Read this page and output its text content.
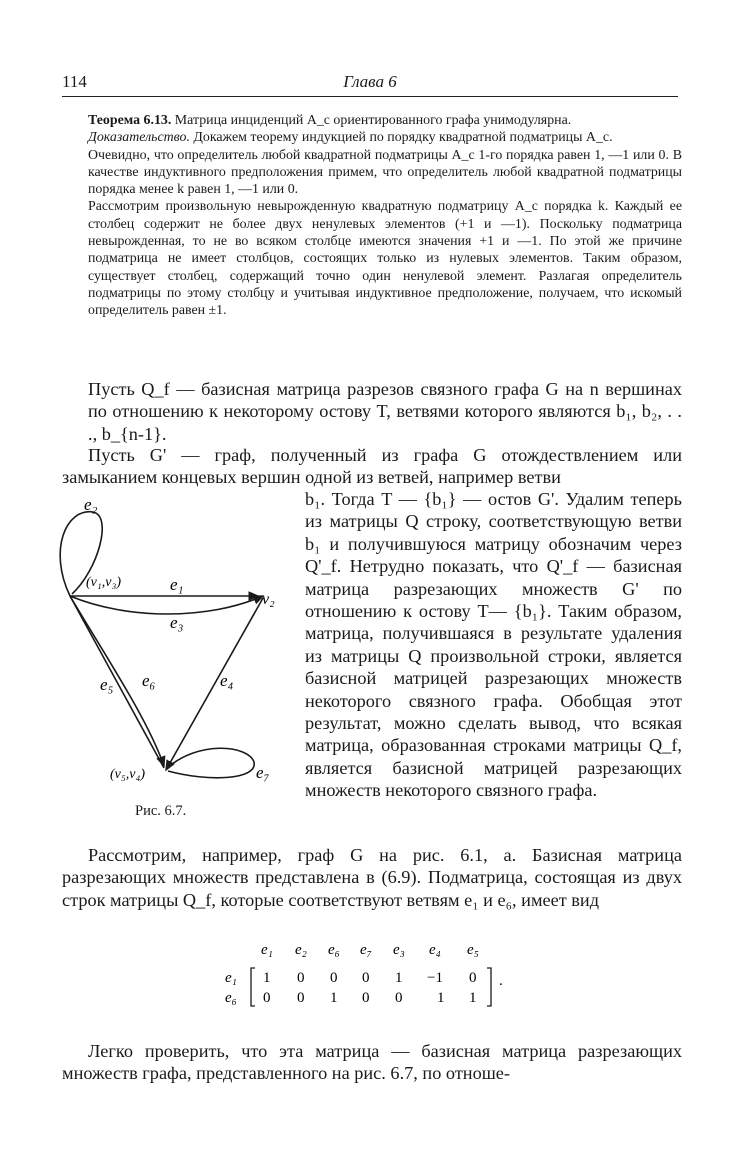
114	Глава 6

Теорема 6.13. Матрица инциденций A_c ориентированного графа унимодулярна.

Доказательство. Докажем теорему индукцией по порядку квадратной подматрицы A_c.

Очевидно, что определитель любой квадратной подматрицы A_c 1-го порядка равен 1, —1 или 0. В качестве индуктивного предположения примем, что определитель любой квадратной подматрицы порядка менее k равен 1, —1 или 0.

Рассмотрим произвольную невырожденную квадратную подматрицу A_c порядка k. Каждый ее столбец содержит не более двух ненулевых элементов (+1 и —1). Поскольку подматрица невырожденная, то не во всяком столбце имеются значения +1 и —1. По этой же причине подматрица не имеет столбцов, состоящих только из нулевых элементов. Таким образом, существует столбец, содержащий точно один ненулевой элемент. Разлагая определитель подматрицы по этому столбцу и учитывая индуктивное предположение, получаем, что искомый определитель равен ±1.

Пусть Q_f — базисная матрица разрезов связного графа G на n вершинах по отношению к некоторому остову T, ветвями которого являются b₁, b₂, . . ., b_{n-1}.
Пусть G' — граф, полученный из графа G отождествлением или замыканием концевых вершин одной из ветвей, например ветви
b₁. Тогда T — {b₁} — остов G'. Удалим теперь из матрицы Q строку, соответствующую ветви b₁ и получившуюся матрицу обозначим через Q'_f. Нетрудно показать, что Q'_f — базисная матрица разрезающих множеств G' по отношению к остову T— {b₁}. Таким образом, матрица, получившаяся в результате удаления из матрицы Q произвольной строки, является базисной матрицей разрезающих множеств некоторого связного графа. Обобщая этот результат, можно сделать вывод, что всякая матрица, образованная строками матрицы Q_f, является базисной матрицей разрезающих множеств некоторого связного графа.
e₂
e₁
e₃
e₅ e₆	e₄
e₇
(v₁,v₃)
v₂
(v₅,v₄)
Рис. 6.7.
Рассмотрим, например, граф G на рис. 6.1, a. Базисная матрица разрезающих множеств представлена в (6.9). Подматрица, состоящая из двух строк матрицы Q_f, которые соответствуют ветвям e₁ и e₆, имеет вид
e₁ e₂ e₆ e₇ e₃ e₄ e₅
e₁
e₆
1 0 0 0 1 −1 0
0 0 1 0 0 1 1
.
Легко проверить, что эта матрица — базисная матрица разрезающих множеств графа, представленного на рис. 6.7, по отноше-
